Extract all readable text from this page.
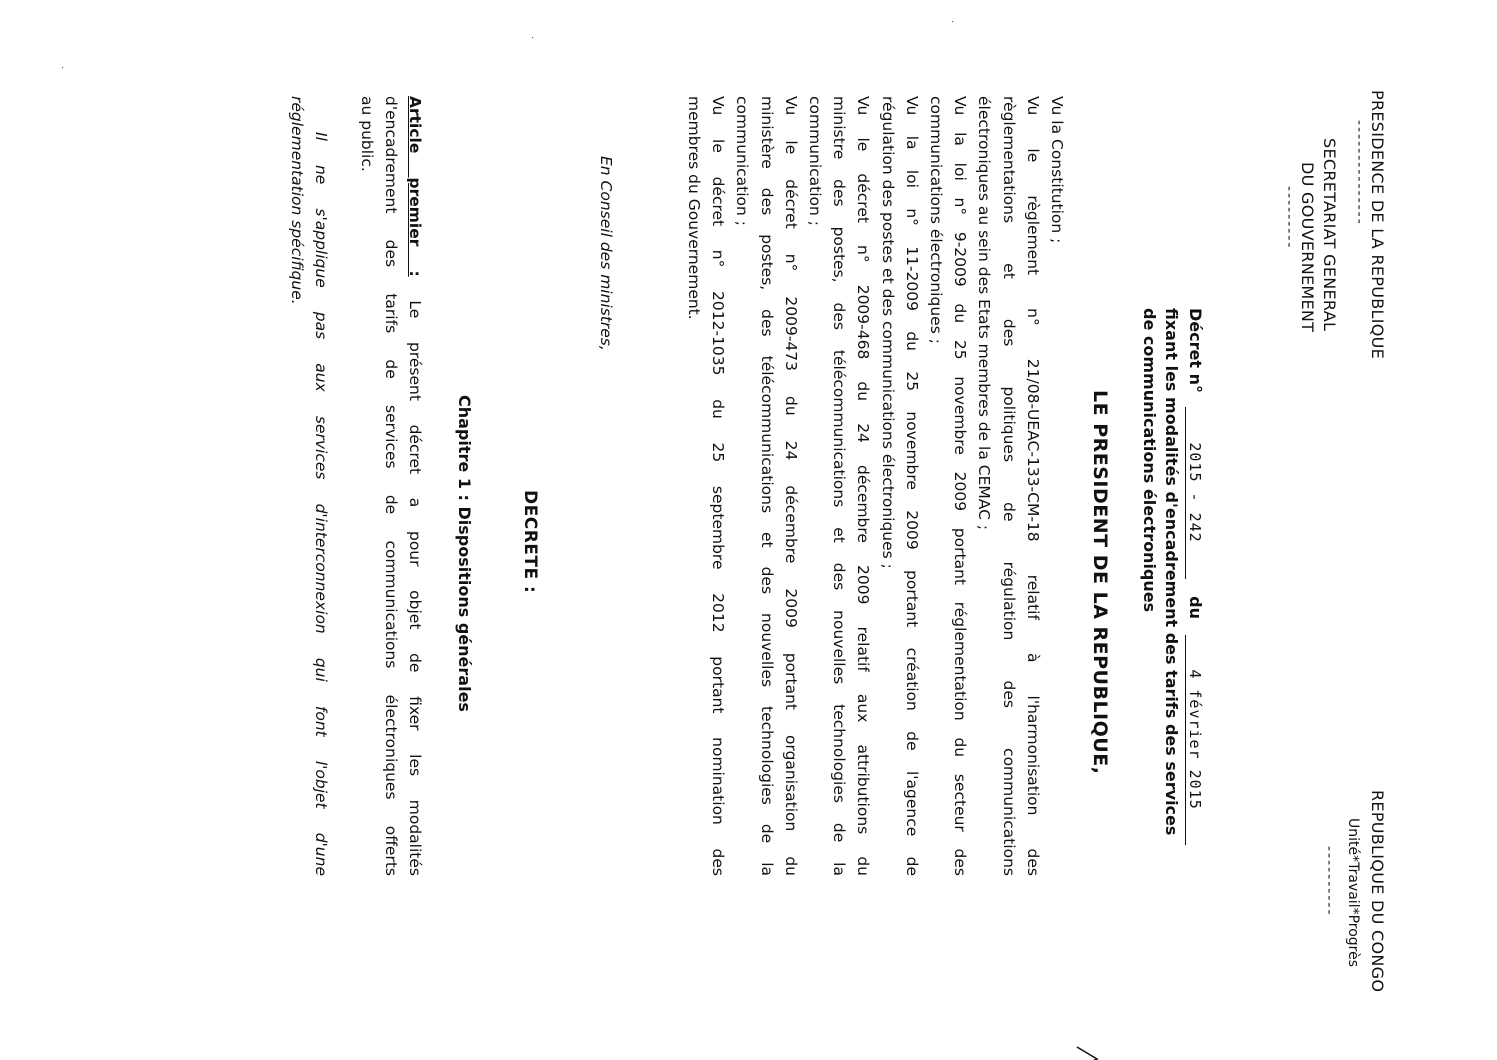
PRESIDENCE DE LA REPUBLIQUE
---------------
SECRETARIAT GENERAL
DU GOUVERNEMENT
---------
REPUBLIQUE DU CONGO
Unité*Travail*Progrès
----------
Décret n° 2015 - 242 du 4 février 2015
fixant les modalités d'encadrement des tarifs des services
de communications électroniques
LE PRESIDENT DE LA REPUBLIQUE,

Vu la Constitution ;

Vu le règlement n° 21/08-UEAC-133-CM-18 relatif à l'harmonisation des

règlementations et des politiques de régulation des communications

électroniques au sein des Etats membres de la CEMAC ;

Vu la loi n° 9-2009 du 25 novembre 2009 portant réglementation du secteur des

communications électroniques ;

Vu la loi n° 11-2009 du 25 novembre 2009 portant création de l'agence de

régulation des postes et des communications électroniques ;

Vu le décret n° 2009-468 du 24 décembre 2009 relatif aux attributions du

ministre des postes, des télécommunications et des nouvelles technologies de la

communication ;

Vu le décret n° 2009-473 du 24 décembre 2009 portant organisation du

ministère des postes, des télécommunications et des nouvelles technologies de la

communication ;

Vu le décret n° 2012-1035 du 25 septembre 2012 portant nomination des

membres du Gouvernement.

En Conseil des ministres,
DECRETE :
Chapitre 1 : Dispositions générales

Article premier : Le présent décret a pour objet de fixer les modalités

d'encadrement des tarifs de services de communications électroniques offerts

au public.

Il ne s'applique pas aux services d'interconnexion qui font l'objet d'une

réglementation spécifique.

·
·
·
